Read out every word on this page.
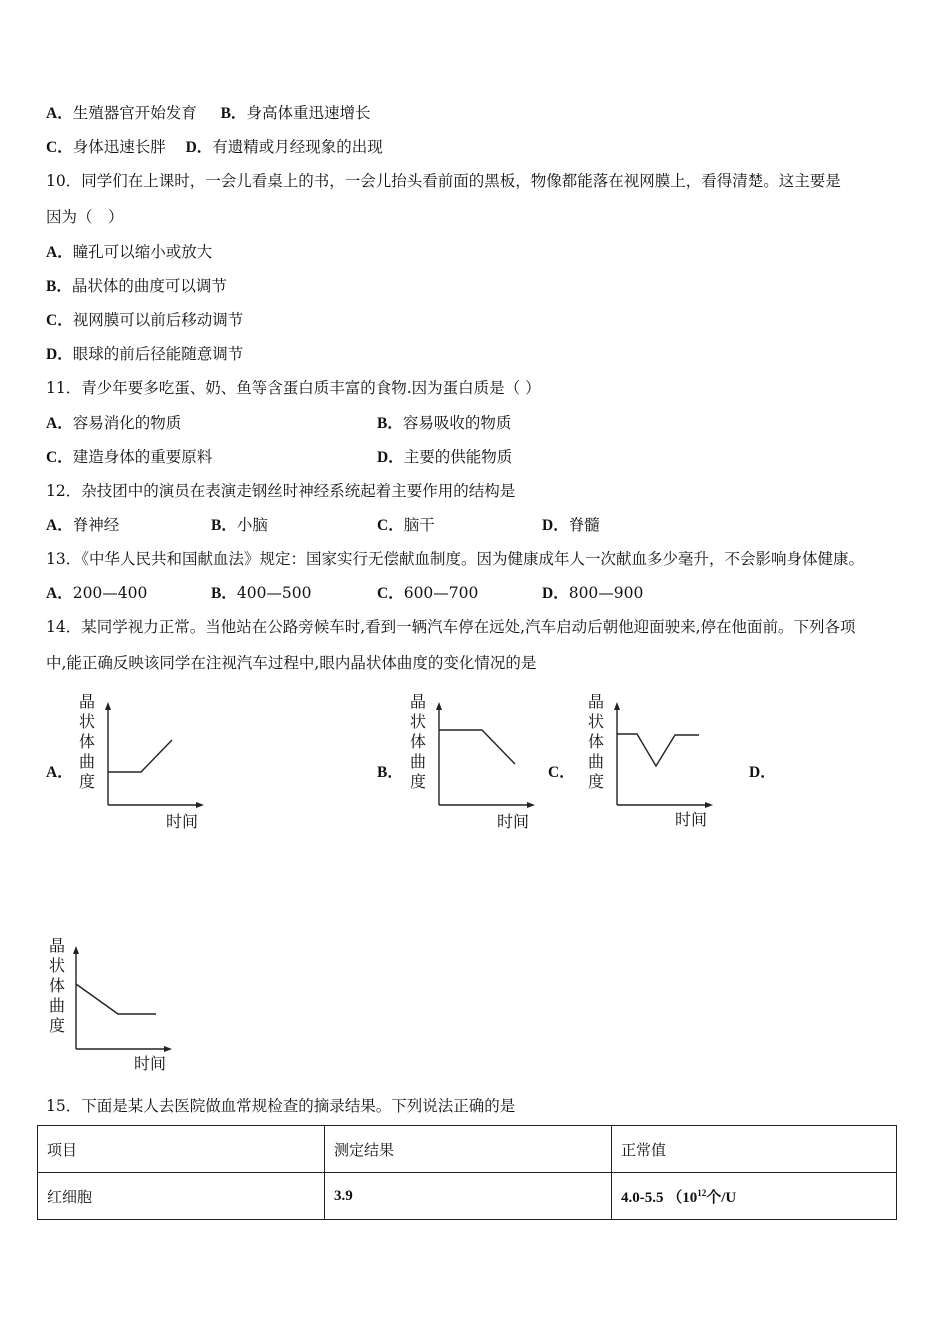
A．生殖器官开始发育 B．身高体重迅速增长
C．身体迅速长胖 D．有遗精或月经现象的出现
10．同学们在上课时，一会儿看桌上的书，一会儿抬头看前面的黑板，物像都能落在视网膜上，看得清楚。这主要是
因为（　）
A．瞳孔可以缩小或放大
B．晶状体的曲度可以调节
C．视网膜可以前后移动调节
D．眼球的前后径能随意调节
11．青少年要多吃蛋、奶、鱼等含蛋白质丰富的食物.因为蛋白质是（ ）
A．容易消化的物质	B．容易吸收的物质
C．建造身体的重要原料	D．主要的供能物质
12．杂技团中的演员在表演走钢丝时神经系统起着主要作用的结构是
A．脊神经	B．小脑	C．脑干	D．脊髓
13．《中华人民共和国献血法》规定：国家实行无偿献血制度。因为健康成年人一次献血多少毫升，不会影响身体健康。
A．200—400	B．400—500	C．600—700	D．800—900
14．某同学视力正常。当他站在公路旁候车时,看到一辆汽车停在远处,汽车启动后朝他迎面驶来,停在他面前。下列各项
中,能正确反映该同学在注视汽车过程中,眼内晶状体曲度的变化情况的是
A．	B．	C．	D．
晶
状
体
曲
度
时间
晶
状
体
曲
度
时间
晶
状
体
曲
度
时间
晶
状
体
曲
度
时间
15．下面是某人去医院做血常规检查的摘录结果。下列说法正确的是
项目	测定结果	正常值
红细胞	3.9	4.0-5.5 （$10^{12}$个/U
